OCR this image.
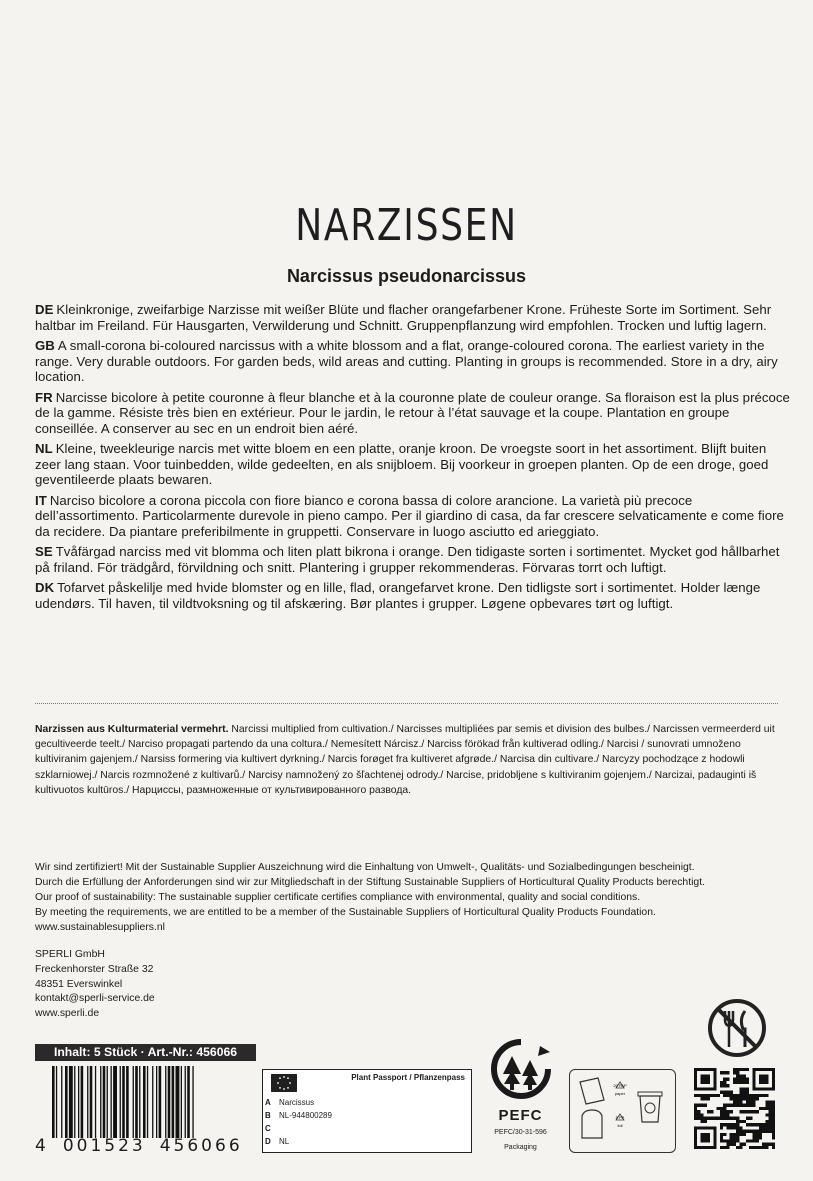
NARZISSEN
Narcissus pseudonarcissus

DE Kleinkronige, zweifarbige Narzisse mit weißer Blüte und flacher orangefarbener Krone. Früheste Sorte im Sortiment. Sehr haltbar im Freiland. Für Hausgarten, Verwilderung und Schnitt. Gruppenpflanzung wird empfohlen. Trocken und luftig lagern.

GB A small-corona bi-coloured narcissus with a white blossom and a flat, orange-coloured corona. The earliest variety in the range. Very durable outdoors. For garden beds, wild areas and cutting. Planting in groups is recommended. Store in a dry, airy location.

FR Narcisse bicolore à petite couronne à fleur blanche et à la couronne plate de couleur orange. Sa floraison est la plus précoce de la gamme. Résiste très bien en extérieur. Pour le jardin, le retour à l’état sauvage et la coupe. Plantation en groupe conseillée. A conserver au sec en un endroit bien aéré.

NL Kleine, tweekleurige narcis met witte bloem en een platte, oranje kroon. De vroegste soort in het assortiment. Blijft buiten zeer lang staan. Voor tuinbedden, wilde gedeelten, en als snijbloem. Bij voorkeur in groepen planten. Op de een droge, goed geventileerde plaats bewaren.

IT Narciso bicolore a corona piccola con fiore bianco e corona bassa di colore arancione. La varietà più precoce dell’assortimento. Particolarmente durevole in pieno campo. Per il giardino di casa, da far crescere selvaticamente e come fiore da recidere. Da piantare preferibilmente in gruppetti. Conservare in luogo asciutto ed arieggiato.

SE Tvåfärgad narciss med vit blomma och liten platt bikrona i orange. Den tidigaste sorten i sortimentet. Mycket god hållbarhet på friland. För trädgård, förvildning och snitt. Plantering i grupper rekommenderas. Förvaras torrt och luftigt.

DK Tofarvet påskelilje med hvide blomster og en lille, flad, orangefarvet krone. Den tidligste sort i sortimentet. Holder længe udendørs. Til haven, til vildtvoksning og til afskæring. Bør plantes i grupper. Løgene opbevares tørt og luftigt.

Narzissen aus Kulturmaterial vermehrt. Narcissi multiplied from cultivation./ Narcisses multipliées par semis et division des bulbes./ Narcissen vermeerderd uit gecultiveerde teelt./ Narciso propagati partendo da una coltura./ Nemesített Nárcisz./ Narciss förökad från kultiverad odling./ Narcisi / sunovrati umnoženo kultiviranim gajenjem./ Narsiss formering via kultivert dyrkning./ Narcis forøget fra kultiveret afgrøde./ Narcisa din cultivare./ Narcyzy pochodzące z hodowli szklarniowej./ Narcis rozmnožené z kultivarů./ Narcisy namnožený zo šľachtenej odrody./ Narcise, pridobljene s kultiviranim gojenjem./ Narcizai, padauginti iš kultivuotos kultūros./ Нарциссы, размноженные от культивированного развода.

Wir sind zertifiziert! Mit der Sustainable Supplier Auszeichnung wird die Einhaltung von Umwelt-, Qualitäts- und Sozialbedingungen bescheinigt.

Durch die Erfüllung der Anforderungen sind wir zur Mitgliedschaft in der Stiftung Sustainable Suppliers of Horticultural Quality Products berechtigt.

Our proof of sustainability: The sustainable supplier certificate certifies compliance with environmental, quality and social conditions.

By meeting the requirements, we are entitled to be a member of the Sustainable Suppliers of Horticultural Quality Products Foundation.

www.sustainablesuppliers.nl

SPERLI GmbH

Freckenhorster Straße 32

48351 Everswinkel

kontakt@sperli-service.de

www.sperli.de

Inhalt: 5 Stück · Art.-Nr.: 456066
4 001523 456066
Plant Passport / Pflanzenpass
A	Narcissus
B	NL-944800289
C
D	NL
PEFC
PEFC/30-31-596
Packaging
20 PAP
paper
5 PP
foil
